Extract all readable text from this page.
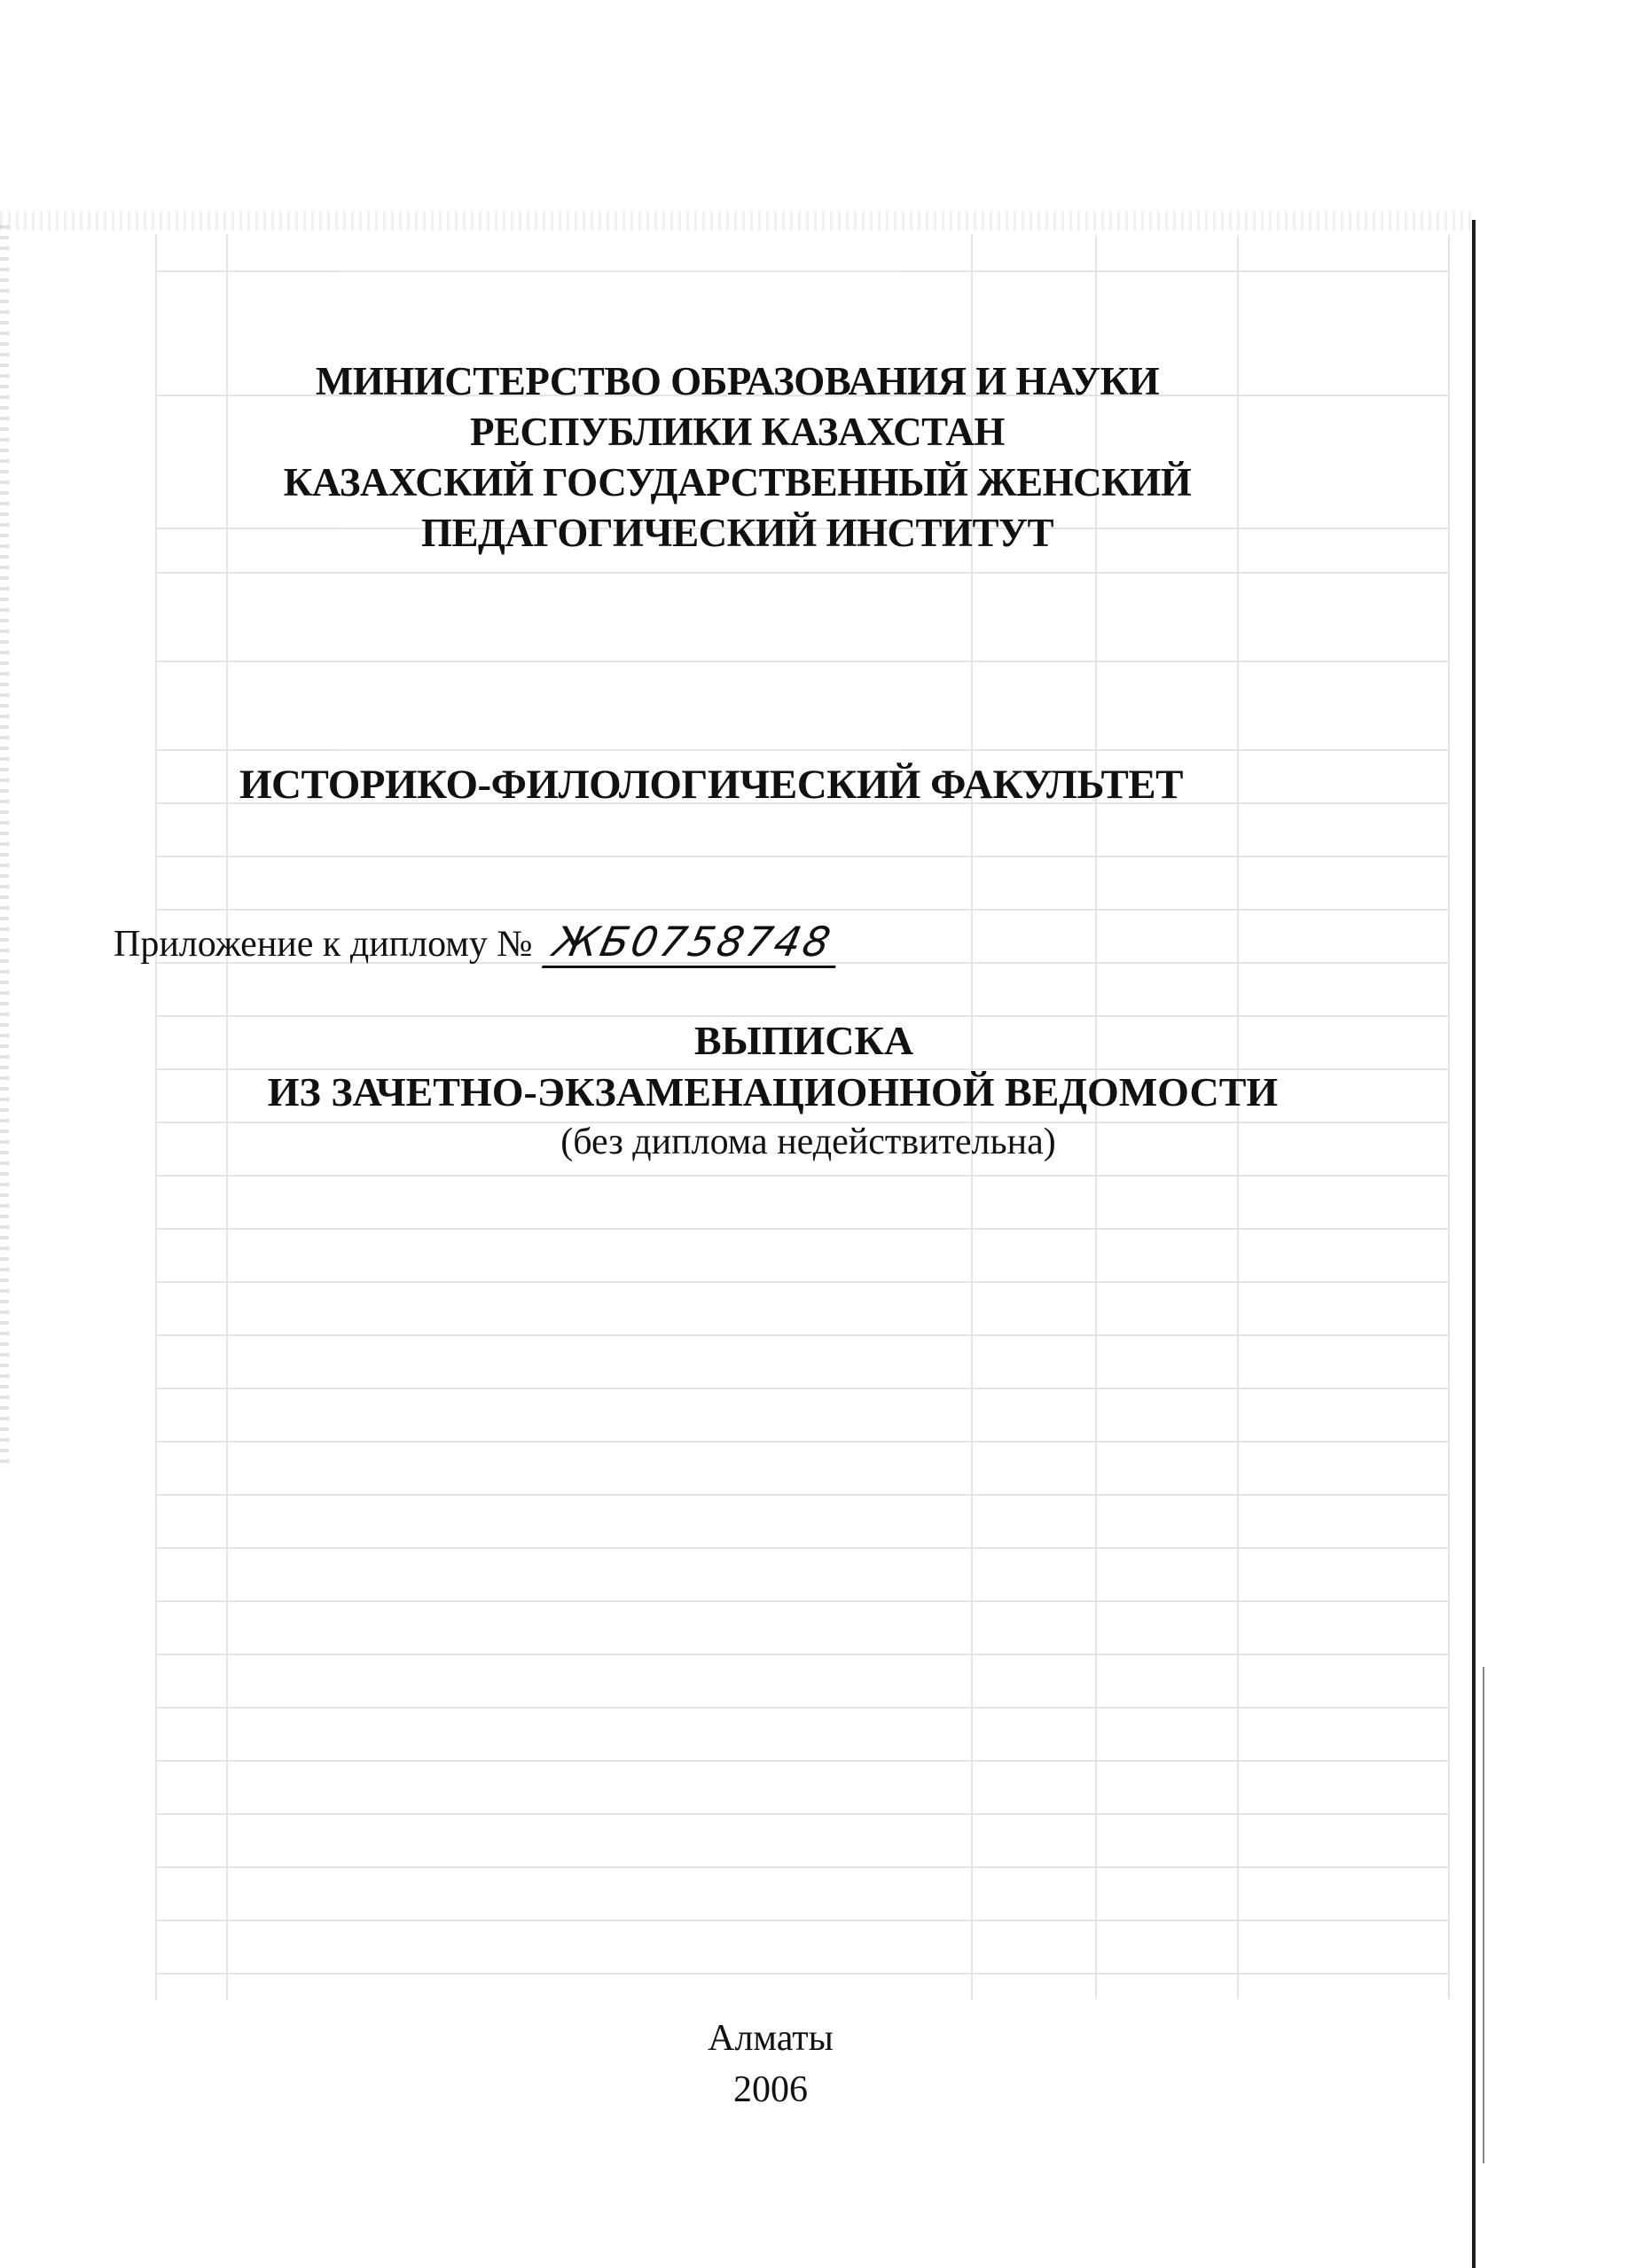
МИНИСТЕРСТВО ОБРАЗОВАНИЯ И НАУКИ
РЕСПУБЛИКИ КАЗАХСТАН
КАЗАХСКИЙ ГОСУДАРСТВЕННЫЙ ЖЕНСКИЙ
ПЕДАГОГИЧЕСКИЙ ИНСТИТУТ
ИСТОРИКО-ФИЛОЛОГИЧЕСКИЙ ФАКУЛЬТЕТ
Приложение к диплому № ЖБ0758748
ВЫПИСКА
ИЗ ЗАЧЕТНО-ЭКЗАМЕНАЦИОННОЙ ВЕДОМОСТИ
(без диплома недействительна)
Алматы
2006
